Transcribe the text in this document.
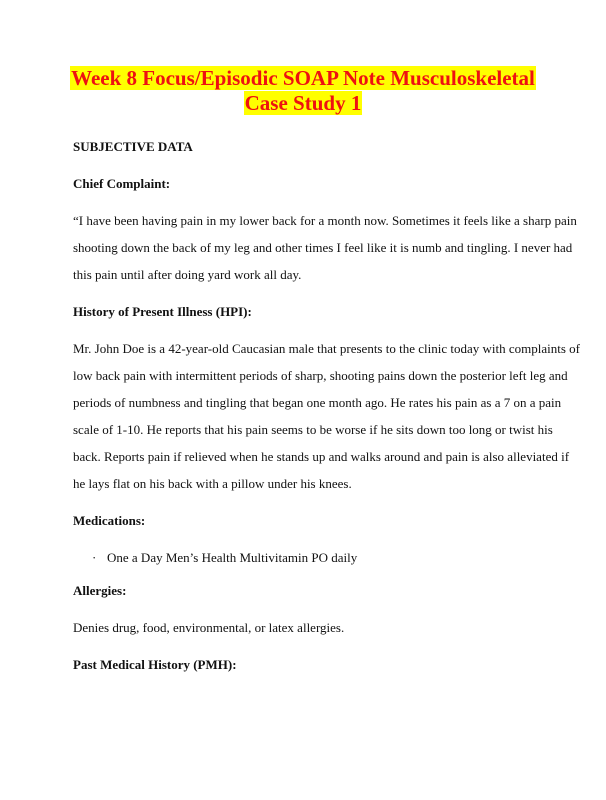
Week 8 Focus/Episodic SOAP Note Musculoskeletal
Case Study 1
SUBJECTIVE DATA
Chief Complaint:
“I have been having pain in my lower back for a month now. Sometimes it feels like a sharp pain
shooting down the back of my leg and other times I feel like it is numb and tingling. I never had
this pain until after doing yard work all day.
History of Present Illness (HPI):
Mr. John Doe is a 42-year-old Caucasian male that presents to the clinic today with complaints of
low back pain with intermittent periods of sharp, shooting pains down the posterior left leg and
periods of numbness and tingling that began one month ago. He rates his pain as a 7 on a pain
scale of 1-10. He reports that his pain seems to be worse if he sits down too long or twist his
back. Reports pain if relieved when he stands up and walks around and pain is also alleviated if
he lays flat on his back with a pillow under his knees.
Medications:
· One a Day Men’s Health Multivitamin PO daily
Allergies:
Denies drug, food, environmental, or latex allergies.
Past Medical History (PMH):
